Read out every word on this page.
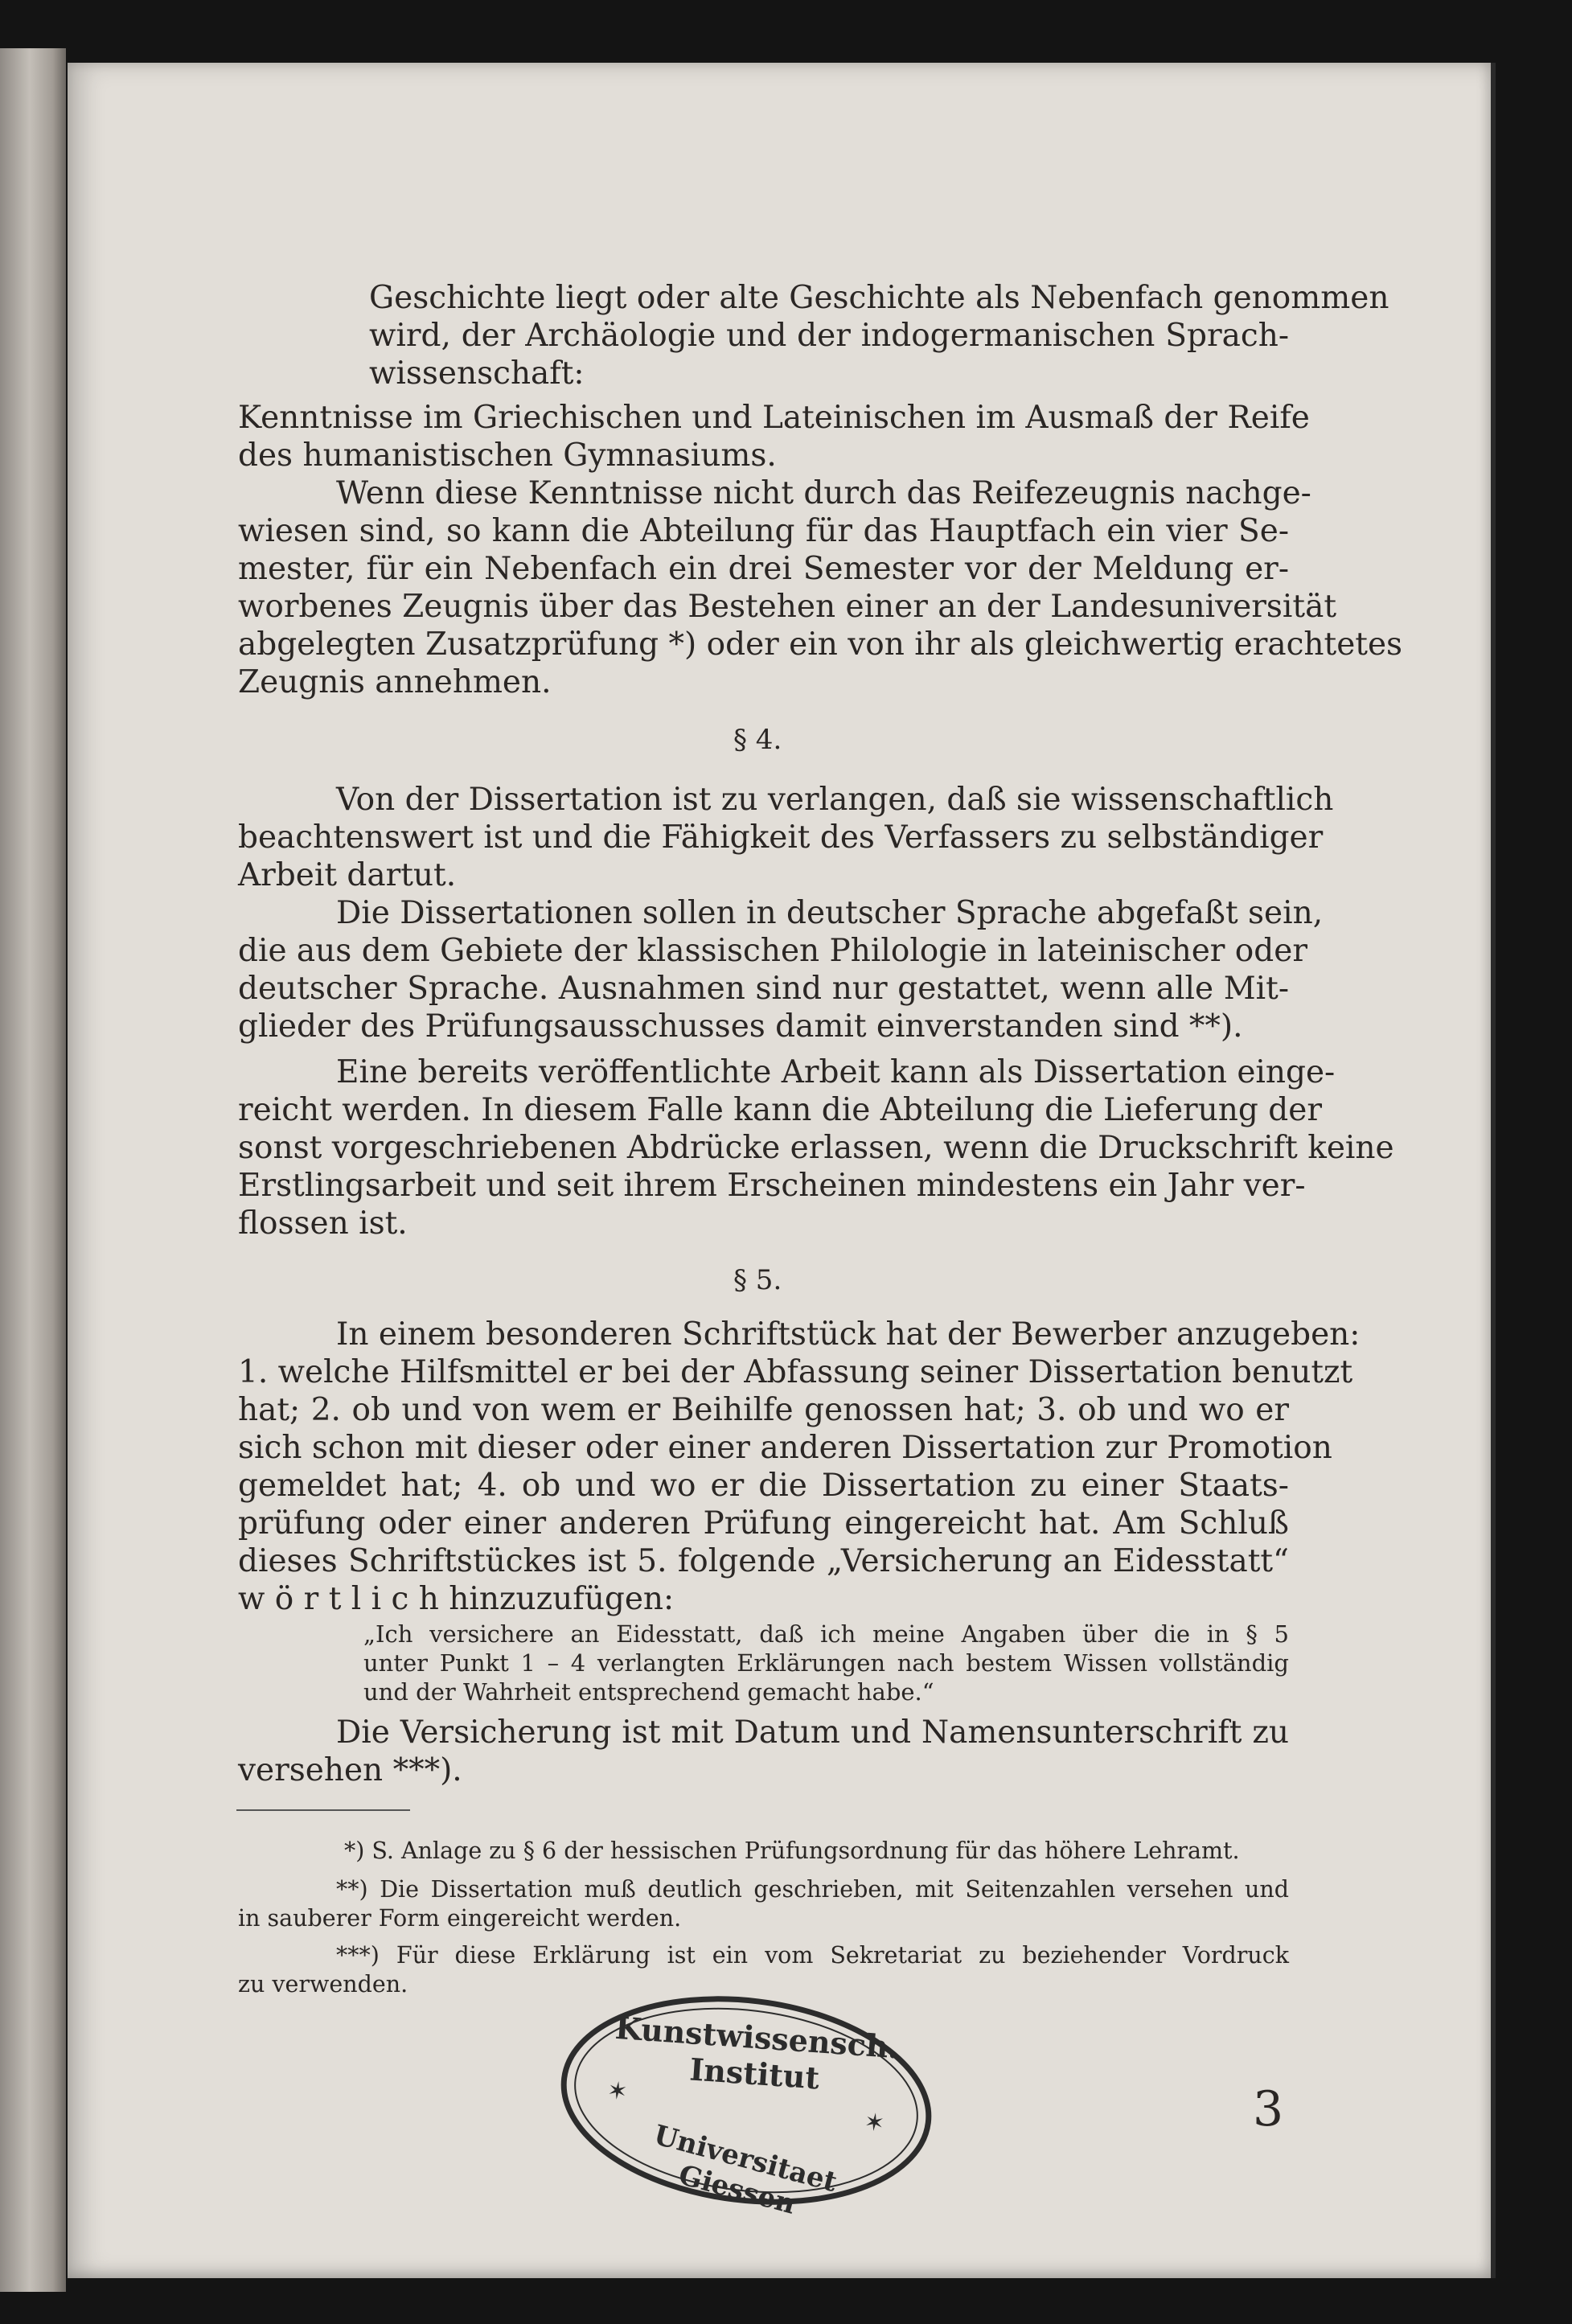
Geschichte liegt oder alte Geschichte als Nebenfach genommen
wird, der Archäologie und der indogermanischen Sprach-
wissenschaft:
Kenntnisse im Griechischen und Lateinischen im Ausmaß der Reife
des humanistischen Gymnasiums.
Wenn diese Kenntnisse nicht durch das Reifezeugnis nachge-
wiesen sind, so kann die Abteilung für das Hauptfach ein vier Se-
mester, für ein Nebenfach ein drei Semester vor der Meldung er-
worbenes Zeugnis über das Bestehen einer an der Landesuniversität
abgelegten Zusatzprüfung *) oder ein von ihr als gleichwertig erachtetes
Zeugnis annehmen.
§ 4.
Von der Dissertation ist zu verlangen, daß sie wissenschaftlich
beachtenswert ist und die Fähigkeit des Verfassers zu selbständiger
Arbeit dartut.
Die Dissertationen sollen in deutscher Sprache abgefaßt sein,
die aus dem Gebiete der klassischen Philologie in lateinischer oder
deutscher Sprache. Ausnahmen sind nur gestattet, wenn alle Mit-
glieder des Prüfungsausschusses damit einverstanden sind **).
Eine bereits veröffentlichte Arbeit kann als Dissertation einge-
reicht werden. In diesem Falle kann die Abteilung die Lieferung der
sonst vorgeschriebenen Abdrücke erlassen, wenn die Druckschrift keine
Erstlingsarbeit und seit ihrem Erscheinen mindestens ein Jahr ver-
flossen ist.
§ 5.
In einem besonderen Schriftstück hat der Bewerber anzugeben:
1. welche Hilfsmittel er bei der Abfassung seiner Dissertation benutzt
hat; 2. ob und von wem er Beihilfe genossen hat; 3. ob und wo er
sich schon mit dieser oder einer anderen Dissertation zur Promotion
gemeldet hat; 4. ob und wo er die Dissertation zu einer Staats-
prüfung oder einer anderen Prüfung eingereicht hat. Am Schluß
dieses Schriftstückes ist 5. folgende „Versicherung an Eidesstatt“
w ö r t l i c h hinzuzufügen:
„Ich versichere an Eidesstatt, daß ich meine Angaben über die in § 5
unter Punkt 1 – 4 verlangten Erklärungen nach bestem Wissen vollständig
und der Wahrheit entsprechend gemacht habe.“
Die Versicherung ist mit Datum und Namensunterschrift zu
versehen ***).
*) S. Anlage zu § 6 der hessischen Prüfungsordnung für das höhere Lehramt.
**) Die Dissertation muß deutlich geschrieben, mit Seitenzahlen versehen und
in sauberer Form eingereicht werden.
***) Für diese Erklärung ist ein vom Sekretariat zu beziehender Vordruck
zu verwenden.
✶
✶
Kunstwissensch. Institut
Universitaet Giessen
3
